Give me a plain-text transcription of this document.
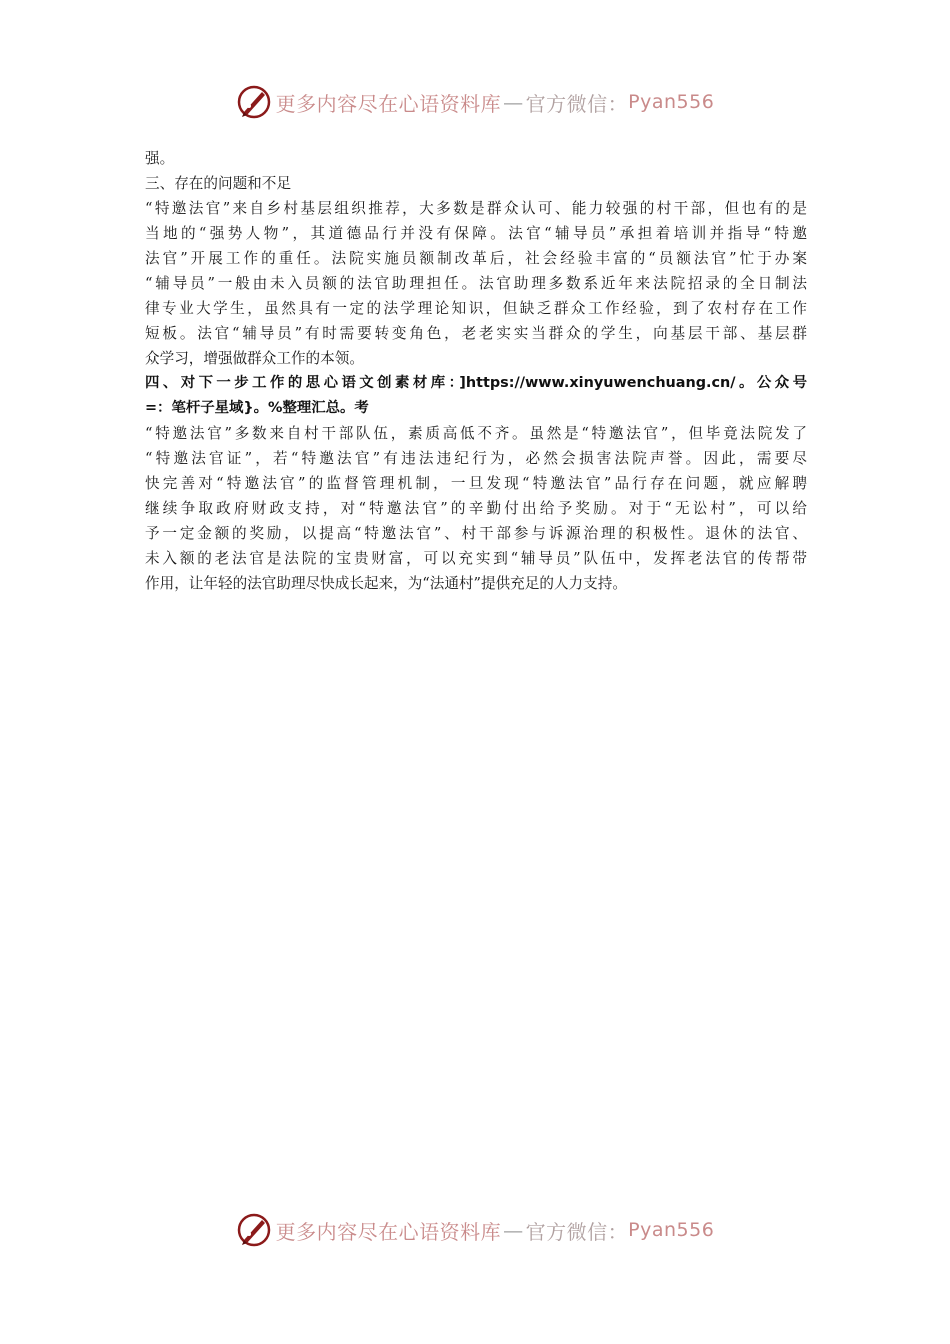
更多内容尽在心语资料库 — 官方微信： Pyan556

强。

三、存在的问题和不足

“特邀法官”来自乡村基层组织推荐，大多数是群众认可、能力较强的村干部，但也有的是

当地的“强势人物”，其道德品行并没有保障。法官“辅导员”承担着培训并指导“特邀

法官”开展工作的重任。法院实施员额制改革后，社会经验丰富的“员额法官”忙于办案

“辅导员”一般由未入员额的法官助理担任。法官助理多数系近年来法院招录的全日制法

律专业大学生，虽然具有一定的法学理论知识，但缺乏群众工作经验，到了农村存在工作

短板。法官“辅导员”有时需要转变角色，老老实实当群众的学生，向基层干部、基层群

众学习，增强做群众工作的本领。

四、对下一步工作的思心语文创素材库：]https://www.xinyuwenchuang.cn/。公众号

=：笔杆子星域}。%整理汇总。考

“特邀法官”多数来自村干部队伍，素质高低不齐。虽然是“特邀法官”，但毕竟法院发了

“特邀法官证”，若“特邀法官”有违法违纪行为，必然会损害法院声誉。因此，需要尽

快完善对“特邀法官”的监督管理机制，一旦发现“特邀法官”品行存在问题，就应解聘

继续争取政府财政支持，对“特邀法官”的辛勤付出给予奖励。对于“无讼村”，可以给

予一定金额的奖励，以提高“特邀法官”、村干部参与诉源治理的积极性。退休的法官、

未入额的老法官是法院的宝贵财富，可以充实到“辅导员”队伍中，发挥老法官的传帮带

作用，让年轻的法官助理尽快成长起来，为“法通村”提供充足的人力支持。

更多内容尽在心语资料库 — 官方微信： Pyan556
